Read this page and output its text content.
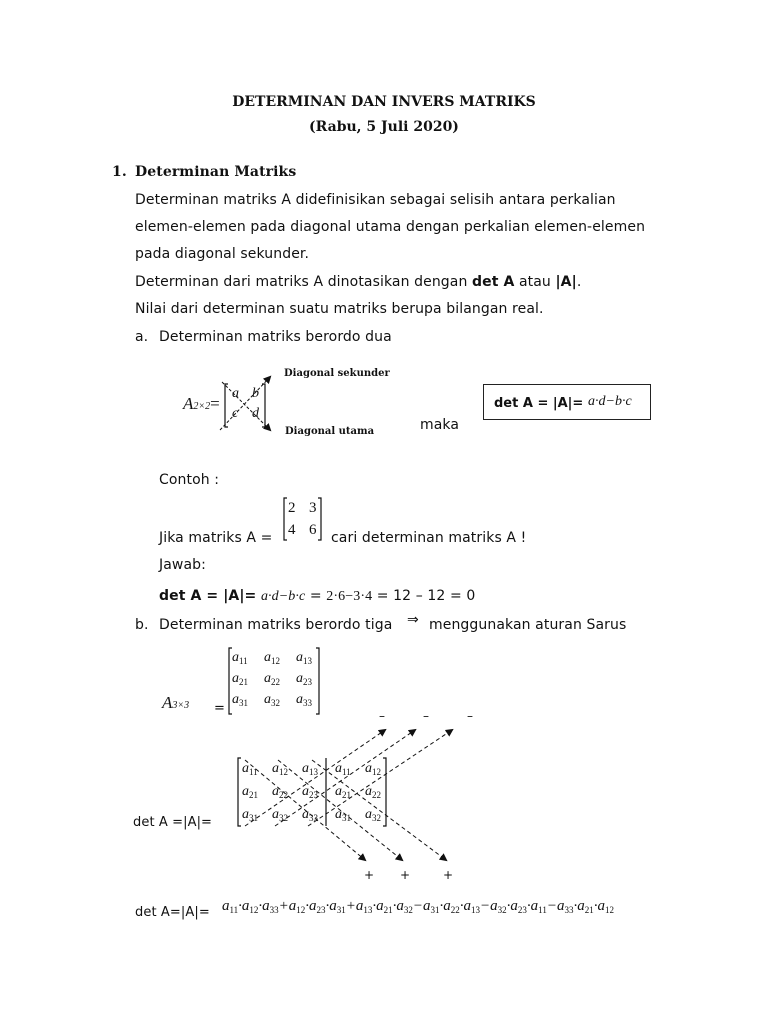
DETERMINAN DAN INVERS MATRIKS
(Rabu, 5 Juli 2020)
1. Determinan Matriks
Determinan matriks A didefinisikan sebagai selisih antara perkalian
elemen-elemen pada diagonal utama dengan perkalian elemen-elemen
pada diagonal sekunder.
Determinan dari matriks A dinotasikan dengan det A atau |A|.
Nilai dari determinan suatu matriks berupa bilangan real.
a. Determinan matriks berordo dua
A2×2=
a b
c d
Diagonal sekunder
Diagonal utama	maka
det A = |A|= a·d−b·c
Contoh :
2 3
4 6
Jika matriks A =	cari determinan matriks A !
Jawab:
det A = |A|= a·d−b·c = 2·6−3·4 = 12 – 12 = 0
b. Determinan matriks berordo tiga ⇒ menggunakan aturan Sarus
A3×3 =
$a_{11}$ $a_{12}$ $a_{13}$
$a_{21}$ $a_{22}$ $a_{23}$
$a_{31}$ $a_{32}$ $a_{33}$
$a_{11}$ $a_{12}$ $a_{13}$ $a_{11}$ $a_{12}$
$a_{21}$ $a_{22}$ $a_{23}$ $a_{21}$ $a_{22}$
$a_{31}$ $a_{32}$ $a_{33}$ $a_{31}$ $a_{32}$
–	–	–
+ +	+
det A =|A|=
$\det A=|A|= a_{11}\cdot a_{12}\cdot a_{33}+a_{12}\cdot a_{23}\cdot a_{31}+a_{13}\cdot a_{21}\cdot a_{32}-a_{31}\cdot a_{22}\cdot a_{13}-a_{32}\cdot a_{23}\cdot a_{11}-a_{33}\cdot a_{21}\cdot a_{12}$
